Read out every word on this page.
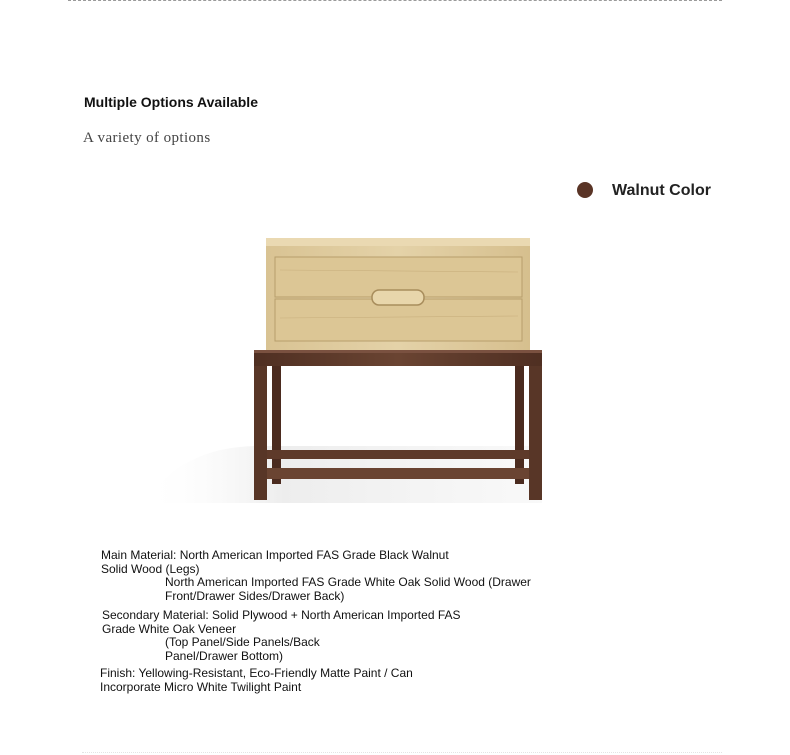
Multiple Options Available
A variety of options
Walnut Color
Main Material: North American Imported FAS Grade Black Walnut
Solid Wood (Legs)
North American Imported FAS Grade White Oak Solid Wood (Drawer
Front/Drawer Sides/Drawer Back)
Secondary Material: Solid Plywood + North American Imported FAS
Grade White Oak Veneer
(Top Panel/Side Panels/Back
Panel/Drawer Bottom)
Finish: Yellowing-Resistant, Eco-Friendly Matte Paint / Can
Incorporate Micro White Twilight Paint
